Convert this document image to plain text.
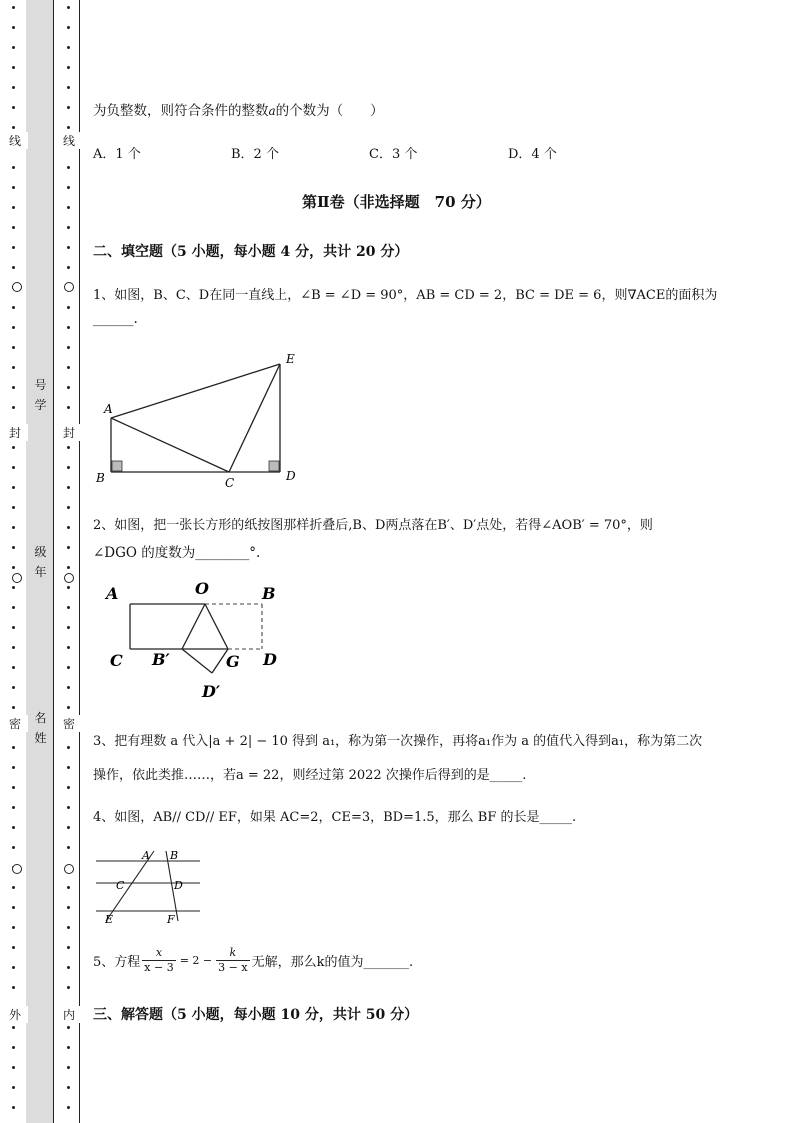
线
封
密
外
线
封
密
内
号
学
级
年
名
姓
为负整数，则符合条件的整数a的个数为（　　）
A．1 个	B．2 个	C．3 个	D．4 个
第Ⅱ卷（非选择题　70 分）
二、填空题（5 小题，每小题 4 分，共计 20 分）
1、如图，B、C、D在同一直线上，∠B = ∠D = 90°，AB = CD = 2，BC = DE = 6，则∇ACE的面积为
______.
E
A
B	C	D
2、如图，把一张长方形的纸按图那样折叠后,B、D两点落在B′、D′点处，若得∠AOB′ = 70°，则
∠DGO 的度数为________°.
A	O	B
C B′	G D
D′
3、把有理数 a 代入|a + 2| − 10 得到 a₁，称为第一次操作，再将a₁作为 a 的值代入得到a₁，称为第二次
操作，依此类推……，若a = 22，则经过第 2022 次操作后得到的是_____.
4、如图，AB// CD// EF，如果 AC=2，CE=3，BD=1.5，那么 BF 的长是_____.
A B
C	D
E	F
5、方程 $\frac{x}{x - 3} = 2 - \frac{k}{3 - x}$ 无解，那么k的值为_______.
三、解答题（5 小题，每小题 10 分，共计 50 分）
